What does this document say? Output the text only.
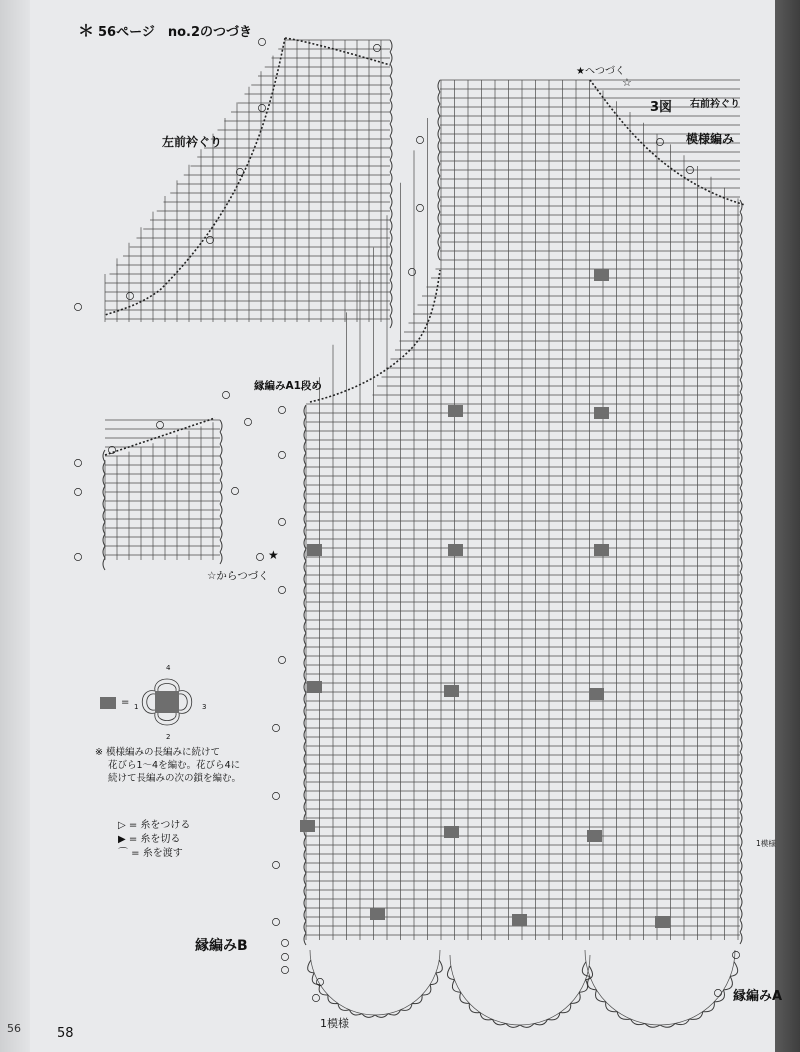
＊ 56ページ　no.2のつづき
左前衿ぐり
3図 右前衿ぐり
模様編み
★へつづく
☆
縁編みA1段め
☆からつづく
★
縁編みB
縁編みA
1模様
1模様
=
4
3
2
1
※ 模様編みの長編みに続けて
花びら1～4を編む。花びら4に
続けて長編みの次の鎖を編む。
▷ = 糸をつける
▶ = 糸を切る
⌒ = 糸を渡す
56	58
